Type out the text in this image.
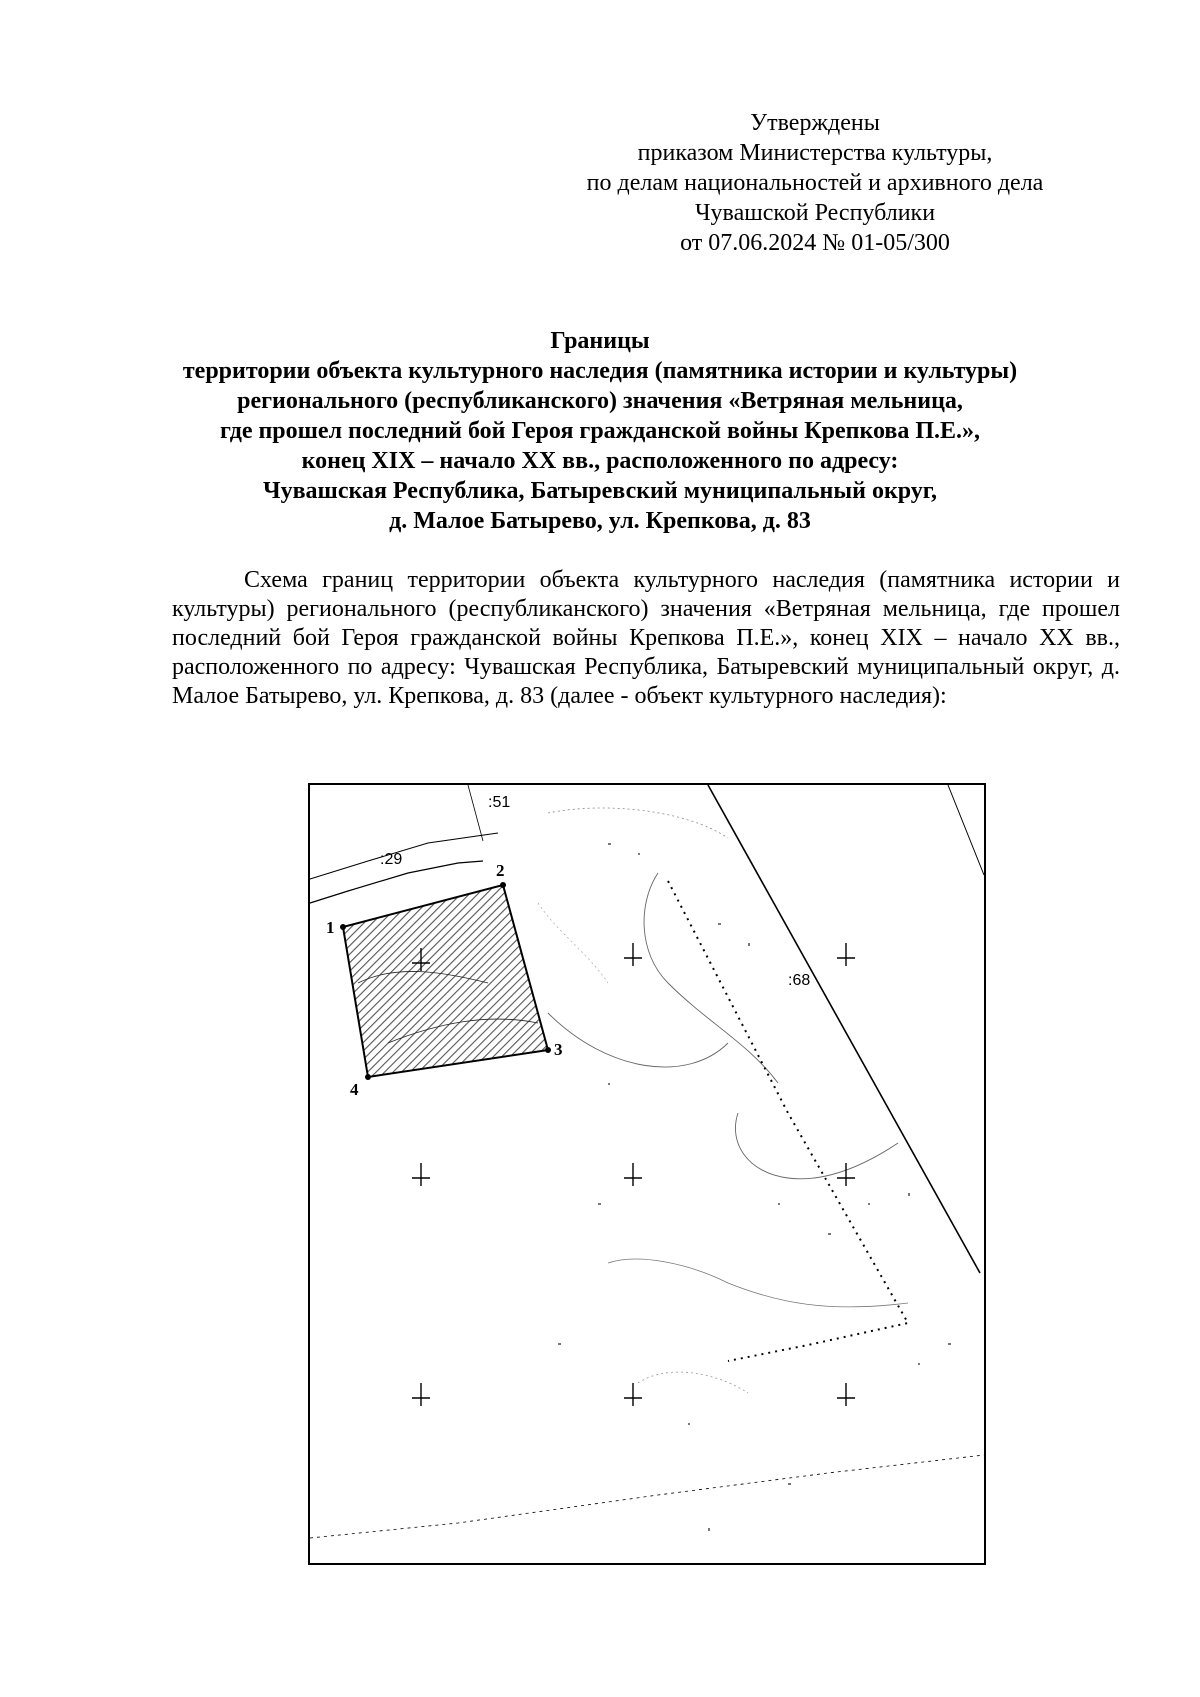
Утверждены
приказом Министерства культуры,
по делам национальностей и архивного дела
Чувашской Республики
от 07.06.2024 № 01-05/300
Границы
территории объекта культурного наследия (памятника истории и культуры)
регионального (республиканского) значения «Ветряная мельница,
где прошел последний бой Героя гражданской войны Крепкова П.Е.»,
конец XIX – начало XX вв., расположенного по адресу:
Чувашская Республика, Батыревский муниципальный округ,
д. Малое Батырево, ул. Крепкова, д. 83

Схема границ территории объекта культурного наследия (памятника истории и культуры) регионального (республиканского) значения «Ветряная мельница, где прошел последний бой Героя гражданской войны Крепкова П.Е.», конец XIX – начало XX вв., расположенного по адресу: Чувашская Республика, Батыревский муниципальный округ, д. Малое Батырево, ул. Крепкова, д. 83 (далее - объект культурного наследия):

1
2
3
4
:51
:29
:68
